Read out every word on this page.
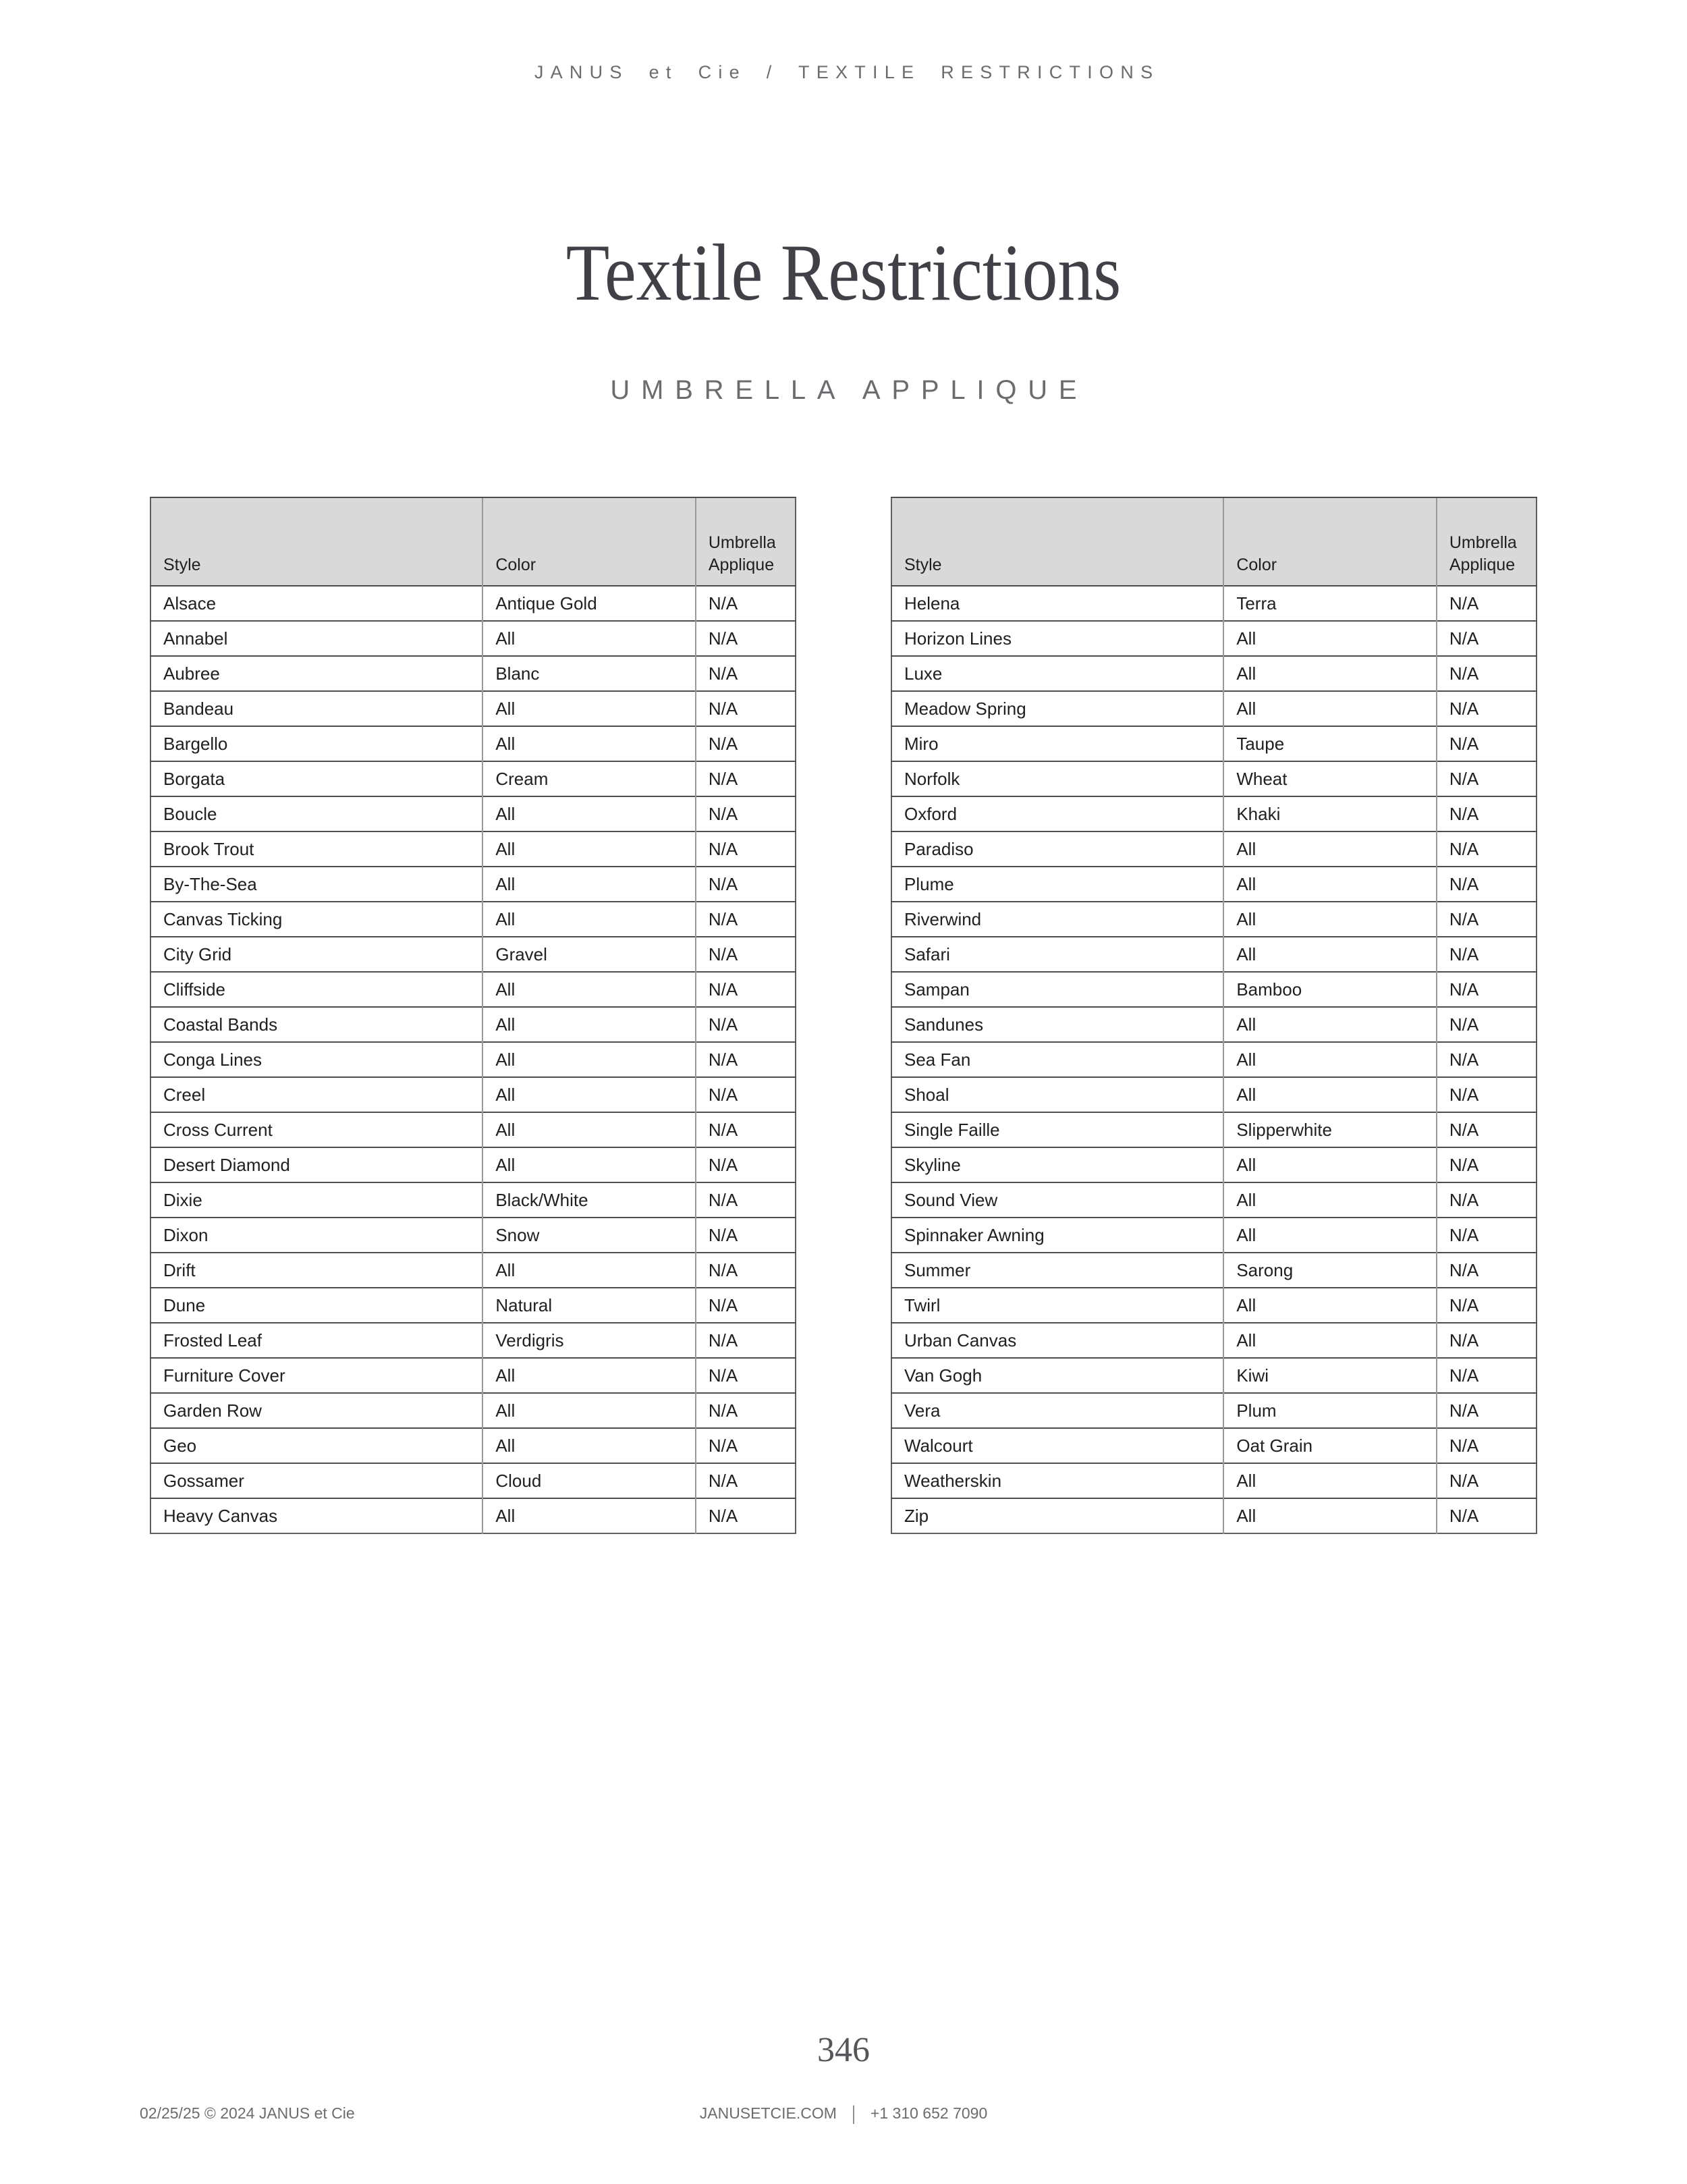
JANUS et Cie / TEXTILE RESTRICTIONS
Textile Restrictions
UMBRELLA APPLIQUE
Style	Color	Umbrella Applique
Alsace	Antique Gold	N/A
Annabel	All	N/A
Aubree	Blanc	N/A
Bandeau	All	N/A
Bargello	All	N/A
Borgata	Cream	N/A
Boucle	All	N/A
Brook Trout	All	N/A
By-The-Sea	All	N/A
Canvas Ticking	All	N/A
City Grid	Gravel	N/A
Cliffside	All	N/A
Coastal Bands	All	N/A
Conga Lines	All	N/A
Creel	All	N/A
Cross Current	All	N/A
Desert Diamond	All	N/A
Dixie	Black/White	N/A
Dixon	Snow	N/A
Drift	All	N/A
Dune	Natural	N/A
Frosted Leaf	Verdigris	N/A
Furniture Cover	All	N/A
Garden Row	All	N/A
Geo	All	N/A
Gossamer	Cloud	N/A
Heavy Canvas	All	N/A
Style	Color	Umbrella Applique
Helena	Terra	N/A
Horizon Lines	All	N/A
Luxe	All	N/A
Meadow Spring	All	N/A
Miro	Taupe	N/A
Norfolk	Wheat	N/A
Oxford	Khaki	N/A
Paradiso	All	N/A
Plume	All	N/A
Riverwind	All	N/A
Safari	All	N/A
Sampan	Bamboo	N/A
Sandunes	All	N/A
Sea Fan	All	N/A
Shoal	All	N/A
Single Faille	Slipperwhite	N/A
Skyline	All	N/A
Sound View	All	N/A
Spinnaker Awning	All	N/A
Summer	Sarong	N/A
Twirl	All	N/A
Urban Canvas	All	N/A
Van Gogh	Kiwi	N/A
Vera	Plum	N/A
Walcourt	Oat Grain	N/A
Weatherskin	All	N/A
Zip	All	N/A
346
02/25/25 © 2024 JANUS et Cie	JANUSETCIE.COM | +1 310 652 7090
